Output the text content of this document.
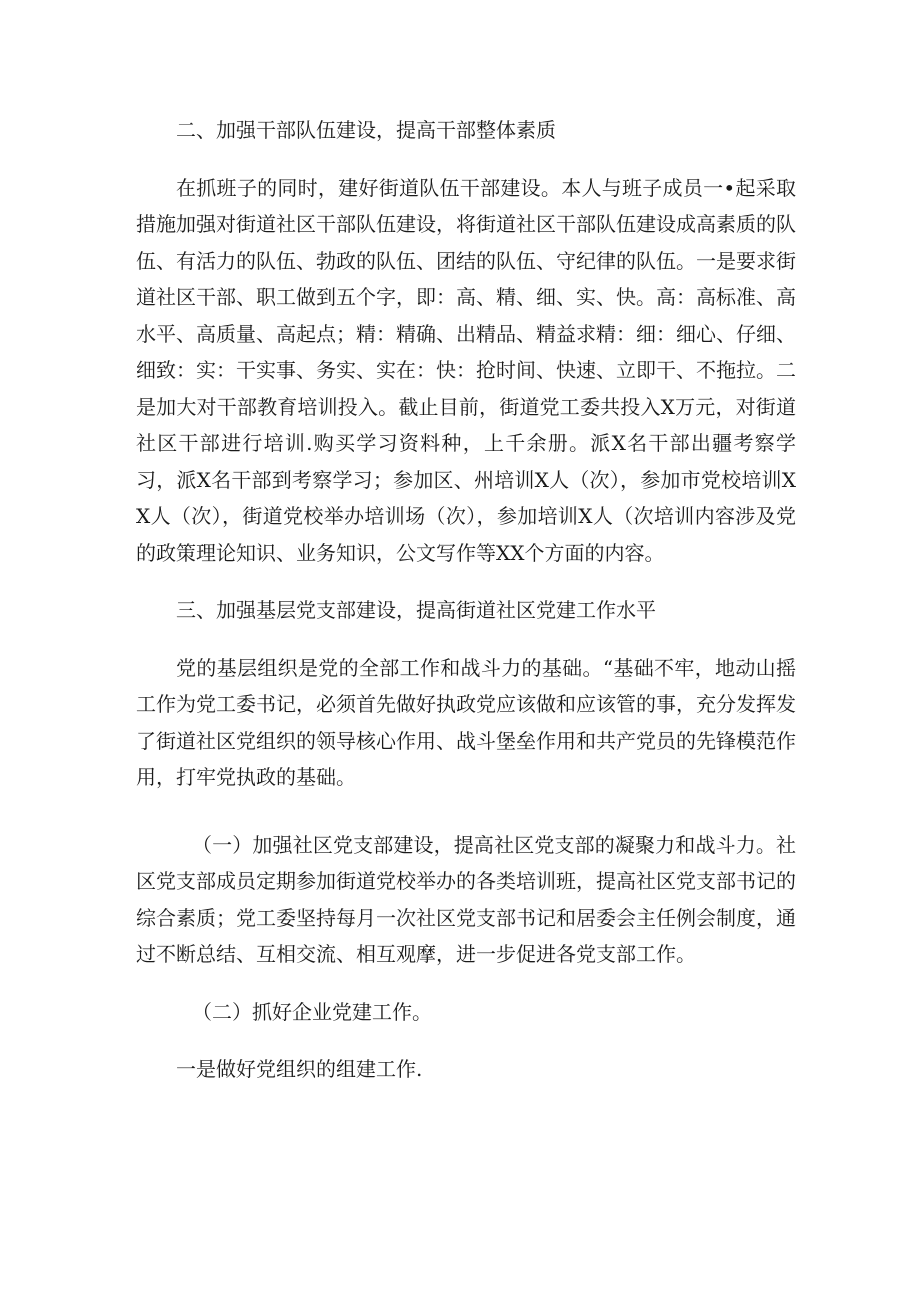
二、加强干部队伍建设，提高干部整体素质

在抓班子的同时，建好街道队伍干部建设。本人与班子成员一•起采取措施加强对街道社区干部队伍建设，将街道社区干部队伍建设成高素质的队伍、有活力的队伍、勃政的队伍、团结的队伍、守纪律的队伍。一是要求街道社区干部、职工做到五个字，即：高、精、细、实、快。高：高标准、高水平、高质量、高起点；精：精确、出精品、精益求精：细：细心、仔细、细致：实：干实事、务实、实在：快：抢时间、快速、立即干、不拖拉。二是加大对干部教育培训投入。截止目前，街道党工委共投入X万元，对街道社区干部进行培训.购买学习资料种，上千余册。派X名干部出疆考察学习，派X名干部到考察学习；参加区、州培训X人（次），参加市党校培训XX人（次），街道党校举办培训场（次），参加培训X人（次培训内容涉及党的政策理论知识、业务知识，公文写作等XX个方面的内容。

三、加强基层党支部建设，提高街道社区党建工作水平

党的基层组织是党的全部工作和战斗力的基础。“基础不牢，地动山摇工作为党工委书记，必须首先做好执政党应该做和应该管的事，充分发挥发了街道社区党组织的领导核心作用、战斗堡垒作用和共产党员的先锋模范作用，打牢党执政的基础。

（一）加强社区党支部建设，提高社区党支部的凝聚力和战斗力。社区党支部成员定期参加街道党校举办的各类培训班，提高社区党支部书记的综合素质；党工委坚持每月一次社区党支部书记和居委会主任例会制度，通过不断总结、互相交流、相互观摩，进一步促进各党支部工作。

（二）抓好企业党建工作。

一是做好党组织的组建工作.
